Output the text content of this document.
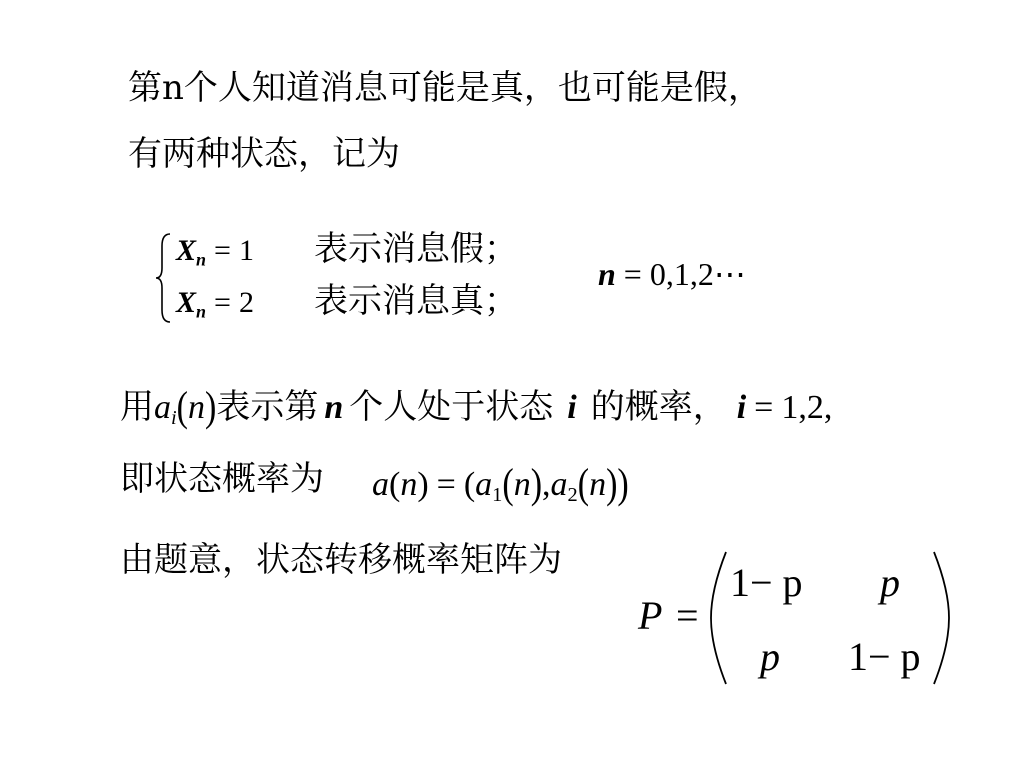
第n个人知道消息可能是真，也可能是假，
有两种状态，记为
$X_n = 1$ 表示消息假；
$X_n = 2$ 表示消息真；
n = 0,1,2⋯
用$a_i(n)$表示第 n 个人处于状态 i 的概率， i = 1,2,
即状态概率为 $a(n) = (a_1(n),a_2(n))$
由题意，状态转移概率矩阵为
P =
1− p p
p 1− p
